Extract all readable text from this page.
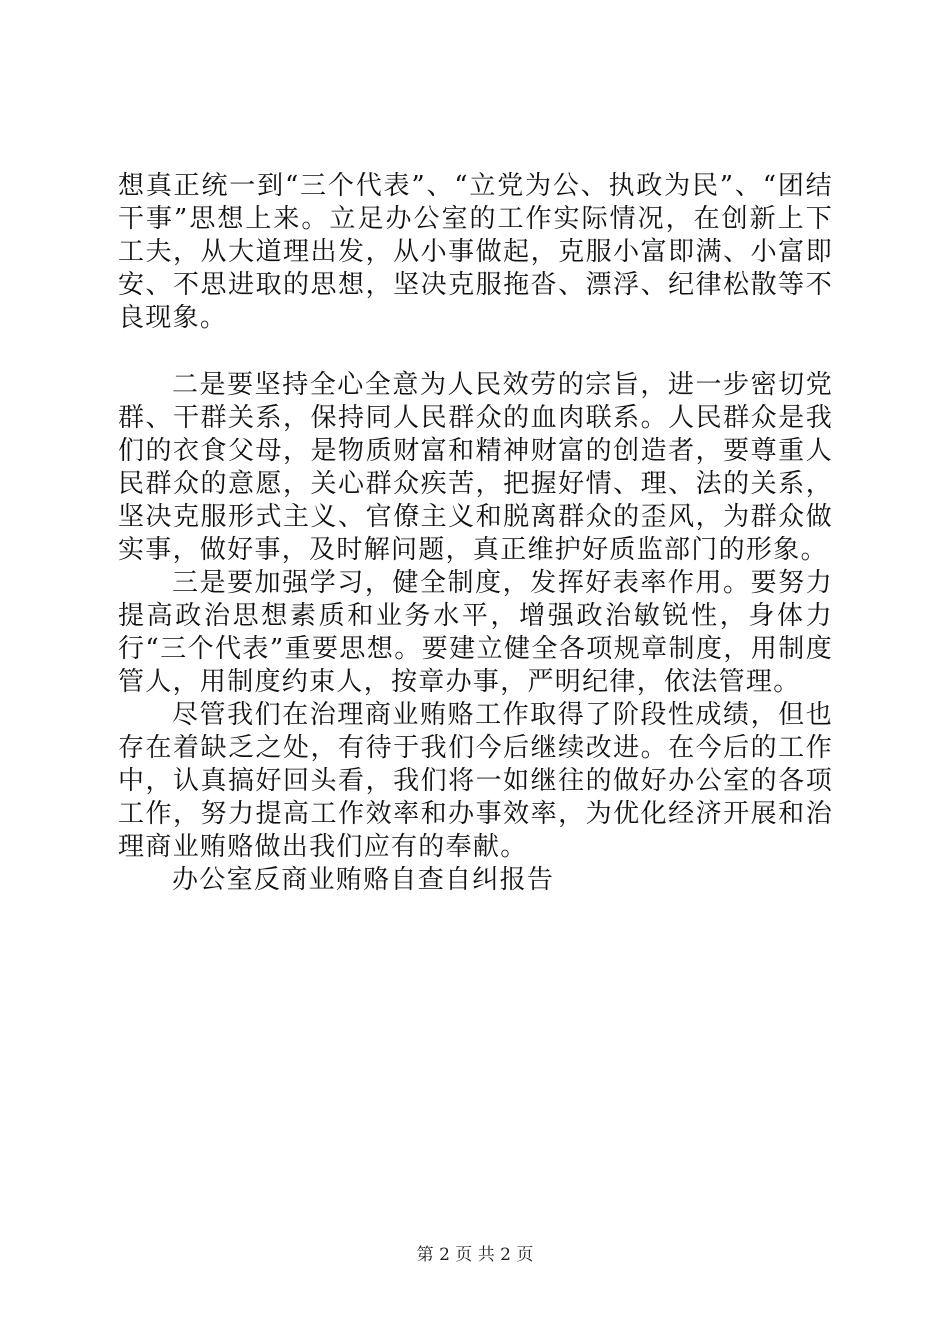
想真正统一到“三个代表”、“立党为公、执政为民”、“团结干事”思想上来。立足办公室的工作实际情况，在创新上下工夫，从大道理出发，从小事做起，克服小富即满、小富即安、不思进取的思想，坚决克服拖沓、漂浮、纪律松散等不良现象。

二是要坚持全心全意为人民效劳的宗旨，进一步密切党群、干群关系，保持同人民群众的血肉联系。人民群众是我们的衣食父母，是物质财富和精神财富的创造者，要尊重人民群众的意愿，关心群众疾苦，把握好情、理、法的关系，坚决克服形式主义、官僚主义和脱离群众的歪风，为群众做实事，做好事，及时解问题，真正维护好质监部门的形象。

三是要加强学习，健全制度，发挥好表率作用。要努力提高政治思想素质和业务水平，增强政治敏锐性，身体力行“三个代表”重要思想。要建立健全各项规章制度，用制度管人，用制度约束人，按章办事，严明纪律，依法管理。

尽管我们在治理商业贿赂工作取得了阶段性成绩，但也存在着缺乏之处，有待于我们今后继续改进。在今后的工作中，认真搞好回头看，我们将一如继往的做好办公室的各项工作，努力提高工作效率和办事效率，为优化经济开展和治理商业贿赂做出我们应有的奉献。

办公室反商业贿赂自查自纠报告

第 2 页 共 2 页
